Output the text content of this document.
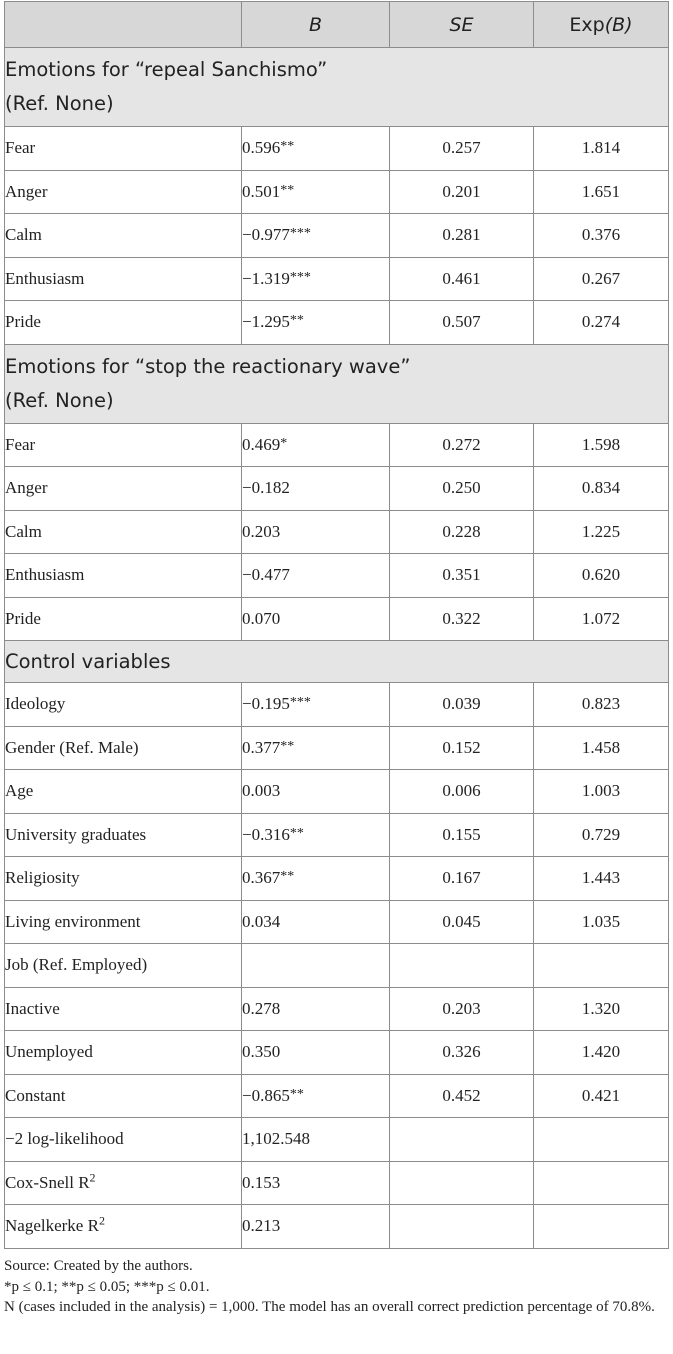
	B	SE	Exp(B)
Emotions for “repeal Sanchismo”
(Ref. None)			
Fear	0.596**	0.257	1.814
Anger	0.501**	0.201	1.651
Calm	−0.977***	0.281	0.376
Enthusiasm	−1.319***	0.461	0.267
Pride	−1.295**	0.507	0.274
Emotions for “stop the reactionary wave”
(Ref. None)			
Fear	0.469*	0.272	1.598
Anger	−0.182	0.250	0.834
Calm	0.203	0.228	1.225
Enthusiasm	−0.477	0.351	0.620
Pride	0.070	0.322	1.072
Control variables			
Ideology	−0.195***	0.039	0.823
Gender (Ref. Male)	0.377**	0.152	1.458
Age	0.003	0.006	1.003
University graduates	−0.316**	0.155	0.729
Religiosity	0.367**	0.167	1.443
Living environment	0.034	0.045	1.035
Job (Ref. Employed)			
Inactive	0.278	0.203	1.320
Unemployed	0.350	0.326	1.420
Constant	−0.865**	0.452	0.421
−2 log-likelihood	1,102.548		
Cox-Snell $R^2$	0.153		
Nagelkerke $R^2$	0.213		

Source: Created by the authors.

*p ≤ 0.1; **p ≤ 0.05; ***p ≤ 0.01.

N (cases included in the analysis) = 1,000. The model has an overall correct prediction percentage of 70.8%.
